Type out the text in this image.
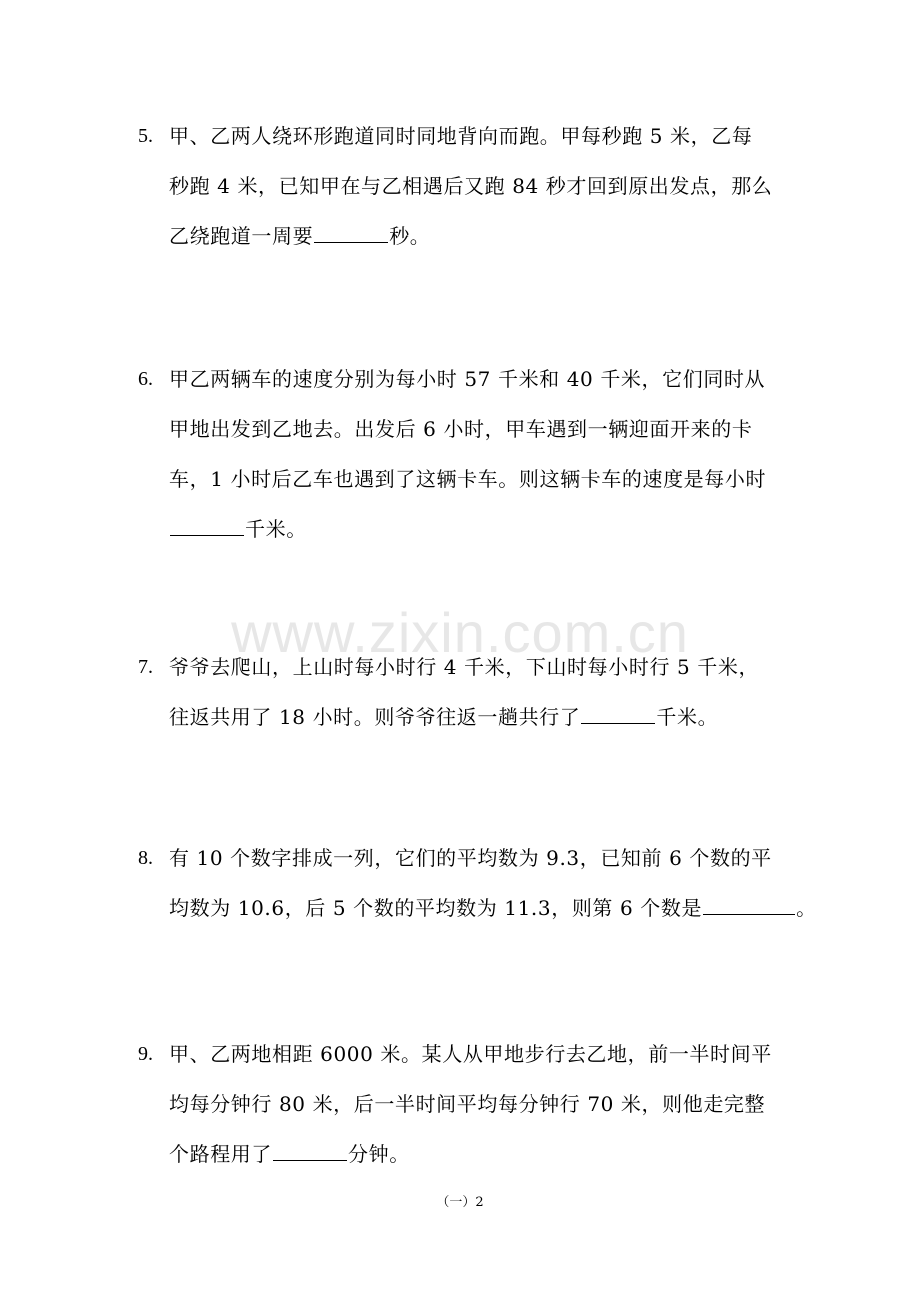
www.zixin.com.cn
5. 甲、乙两人绕环形跑道同时同地背向而跑。甲每秒跑 5 米，乙每
秒跑 4 米，已知甲在与乙相遇后又跑 84 秒才回到原出发点，那么
乙绕跑道一周要	秒。
6. 甲乙两辆车的速度分别为每小时 57 千米和 40 千米，它们同时从
甲地出发到乙地去。出发后 6 小时，甲车遇到一辆迎面开来的卡
车，1 小时后乙车也遇到了这辆卡车。则这辆卡车的速度是每小时
千米。
7. 爷爷去爬山，上山时每小时行 4 千米，下山时每小时行 5 千米，
往返共用了 18 小时。则爷爷往返一趟共行了	千米。
8. 有 10 个数字排成一列，它们的平均数为 9.3，已知前 6 个数的平
均数为 10.6，后 5 个数的平均数为 11.3，则第 6 个数是	。
9. 甲、乙两地相距 6000 米。某人从甲地步行去乙地，前一半时间平
均每分钟行 80 米，后一半时间平均每分钟行 70 米，则他走完整
个路程用了	分钟。
（一）2
